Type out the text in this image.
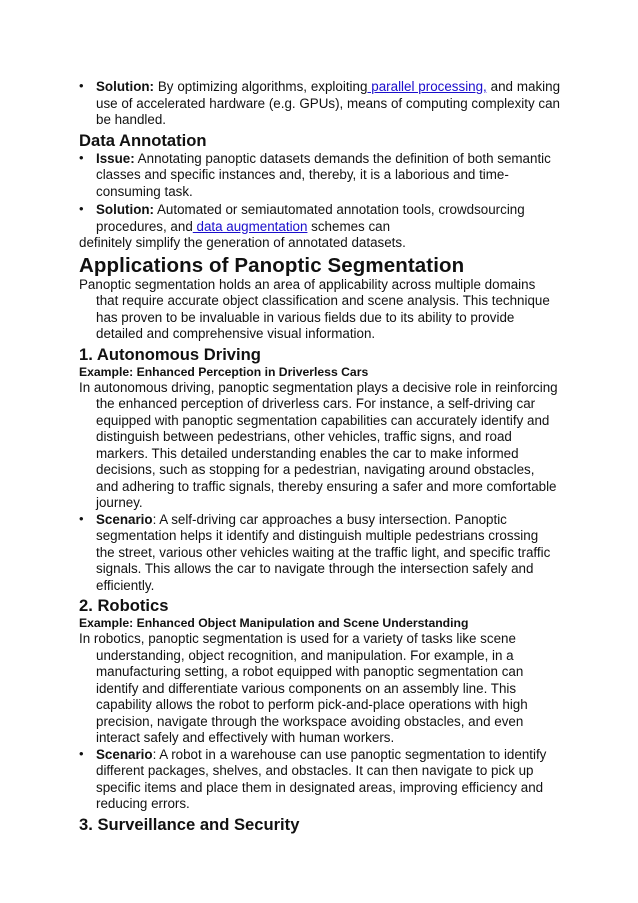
• Solution: By optimizing algorithms, exploiting parallel processing, and making use of accelerated hardware (e.g. GPUs), means of computing complexity can be handled.

Data Annotation

• Issue: Annotating panoptic datasets demands the definition of both semantic classes and specific instances and, thereby, it is a laborious and time-consuming task.

• Solution: Automated or semiautomated annotation tools, crowdsourcing procedures, and data augmentation schemes can

definitely simplify the generation of annotated datasets.

Applications of Panoptic Segmentation

Panoptic segmentation holds an area of applicability across multiple domains that require accurate object classification and scene analysis. This technique has proven to be invaluable in various fields due to its ability to provide detailed and comprehensive visual information.

1. Autonomous Driving

Example: Enhanced Perception in Driverless Cars

In autonomous driving, panoptic segmentation plays a decisive role in reinforcing the enhanced perception of driverless cars. For instance, a self-driving car equipped with panoptic segmentation capabilities can accurately identify and distinguish between pedestrians, other vehicles, traffic signs, and road markers. This detailed understanding enables the car to make informed decisions, such as stopping for a pedestrian, navigating around obstacles, and adhering to traffic signals, thereby ensuring a safer and more comfortable journey.

• Scenario: A self-driving car approaches a busy intersection. Panoptic segmentation helps it identify and distinguish multiple pedestrians crossing the street, various other vehicles waiting at the traffic light, and specific traffic signals. This allows the car to navigate through the intersection safely and efficiently.

2. Robotics

Example: Enhanced Object Manipulation and Scene Understanding

In robotics, panoptic segmentation is used for a variety of tasks like scene understanding, object recognition, and manipulation. For example, in a manufacturing setting, a robot equipped with panoptic segmentation can identify and differentiate various components on an assembly line. This capability allows the robot to perform pick-and-place operations with high precision, navigate through the workspace avoiding obstacles, and even interact safely and effectively with human workers.

• Scenario: A robot in a warehouse can use panoptic segmentation to identify different packages, shelves, and obstacles. It can then navigate to pick up specific items and place them in designated areas, improving efficiency and reducing errors.

3. Surveillance and Security
